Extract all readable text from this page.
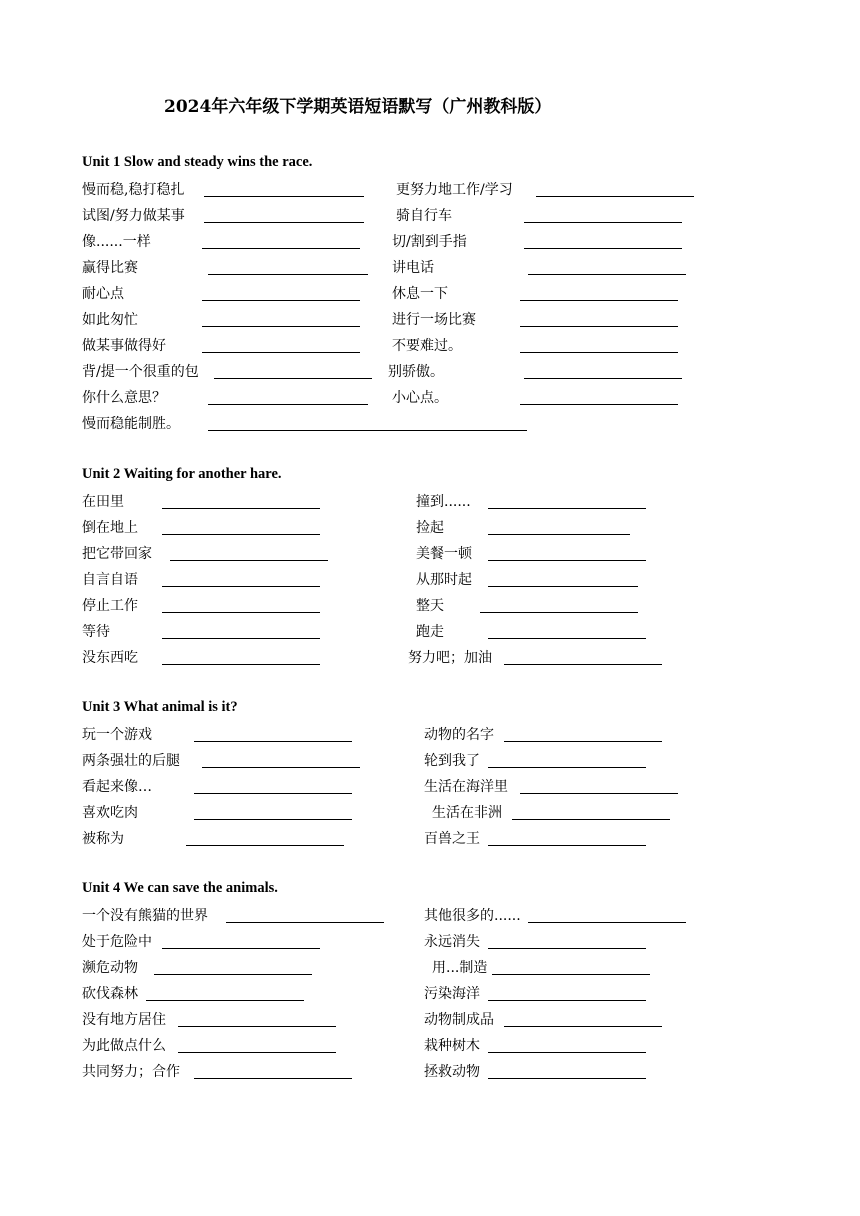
2024年六年级下学期英语短语默写（广州教科版）
Unit 1 Slow and steady wins the race.
慢而稳,稳打稳扎	更努力地工作/学习
试图/努力做某事	骑自行车
像......一样	切/割到手指
赢得比赛	讲电话
耐心点	休息一下
如此匆忙	进行一场比赛
做某事做得好	不要难过。
背/提一个很重的包	别骄傲。
你什么意思？	小心点。
慢而稳能制胜。
Unit 2 Waiting for another hare.
在田里	撞到......
倒在地上	捡起
把它带回家	美餐一顿
自言自语	从那时起
停止工作	整天
等待	跑走
没东西吃	努力吧；加油
Unit 3 What animal is it?
玩一个游戏	动物的名字
两条强壮的后腿	轮到我了
看起来像…	生活在海洋里
喜欢吃肉	生活在非洲
被称为	百兽之王
Unit 4 We can save the animals.
一个没有熊猫的世界	其他很多的......
处于危险中	永远消失
濒危动物	用...制造
砍伐森林	污染海洋
没有地方居住	动物制成品
为此做点什么	栽种树木
共同努力；合作	拯救动物
